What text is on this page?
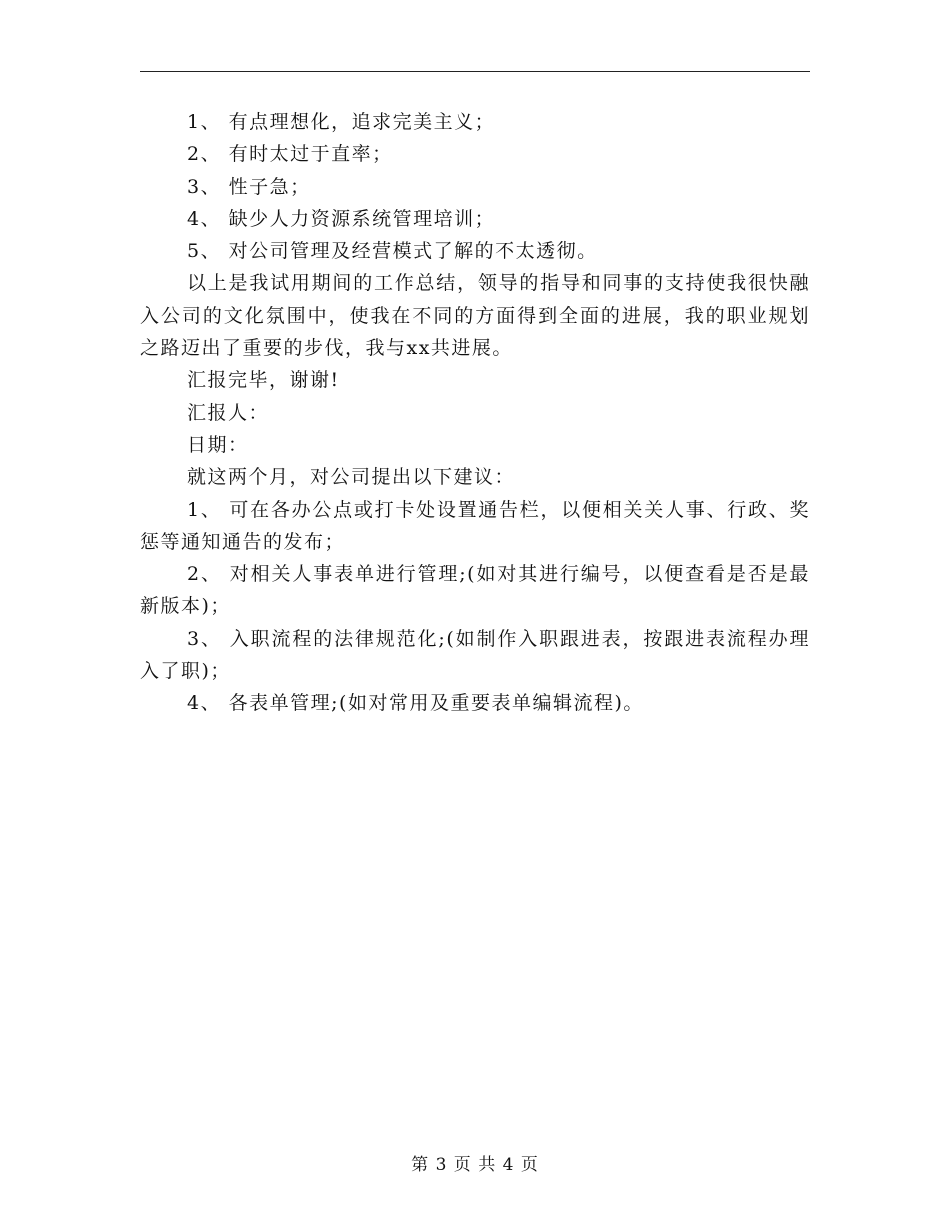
1、 有点理想化，追求完美主义；

2、 有时太过于直率；

3、 性子急；

4、 缺少人力资源系统管理培训；

5、 对公司管理及经营模式了解的不太透彻。

以上是我试用期间的工作总结，领导的指导和同事的支持使我很快融入公司的文化氛围中，使我在不同的方面得到全面的进展，我的职业规划之路迈出了重要的步伐，我与xx共进展。

汇报完毕，谢谢!

汇报人：

日期：

就这两个月，对公司提出以下建议：

1、 可在各办公点或打卡处设置通告栏，以便相关关人事、行政、奖惩等通知通告的发布；

2、 对相关人事表单进行管理;(如对其进行编号，以便查看是否是最新版本)；

3、 入职流程的法律规范化;(如制作入职跟进表，按跟进表流程办理入了职)；

4、 各表单管理;(如对常用及重要表单编辑流程)。

第 3 页 共 4 页
